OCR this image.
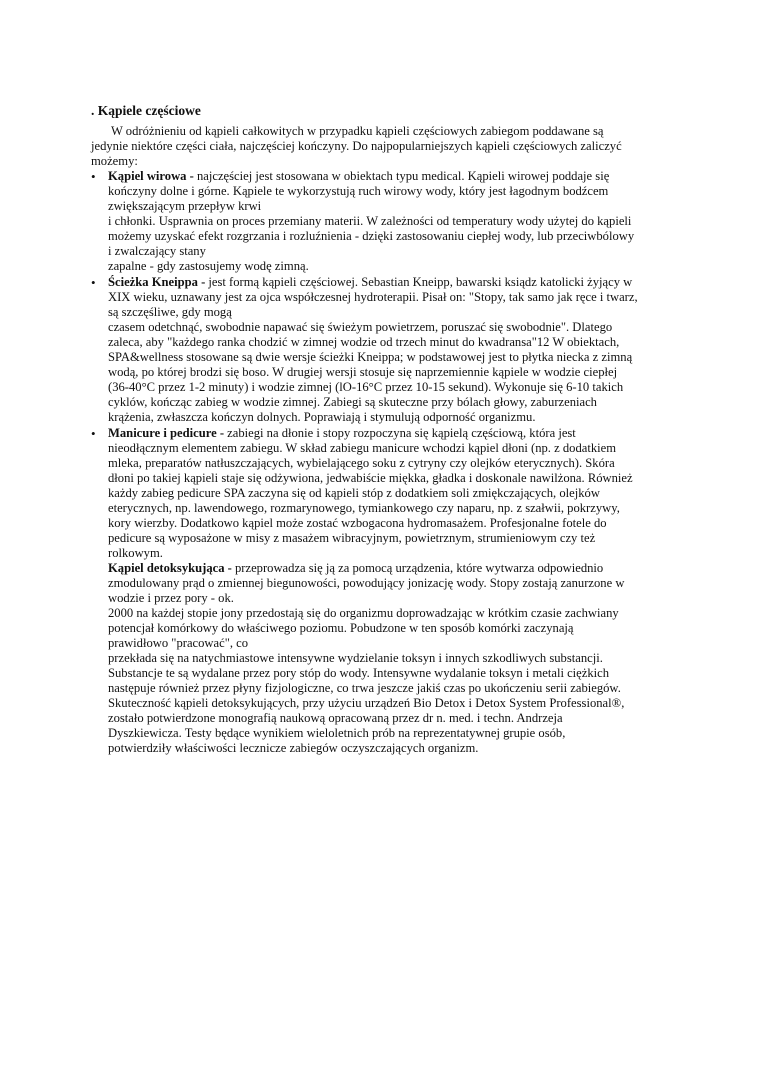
. Kąpiele częściowe
W odróżnieniu od kąpieli całkowitych w przypadku kąpieli częściowych zabiegom poddawane są
jedynie niektóre części ciała, najczęściej kończyny. Do najpopularniejszych kąpieli częściowych zaliczyć
możemy:
• Kąpiel wirowa - najczęściej jest stosowana w obiektach typu medical. Kąpieli wirowej poddaje się
kończyny dolne i górne. Kąpiele te wykorzystują ruch wirowy wody, który jest łagodnym bodźcem
zwiększającym przepływ krwi
i chłonki. Usprawnia on proces przemiany materii. W zależności od temperatury wody użytej do kąpieli
możemy uzyskać efekt rozgrzania i rozluźnienia - dzięki zastosowaniu ciepłej wody, lub przeciwbólowy
i zwalczający stany
zapalne - gdy zastosujemy wodę zimną.
• Ścieżka Kneippa - jest formą kąpieli częściowej. Sebastian Kneipp, bawarski ksiądz katolicki żyjący w
XIX wieku, uznawany jest za ojca współczesnej hydroterapii. Pisał on: "Stopy, tak samo jak ręce i twarz,
są szczęśliwe, gdy mogą
czasem odetchnąć, swobodnie napawać się świeżym powietrzem, poruszać się swobodnie". Dlatego
zaleca, aby "każdego ranka chodzić w zimnej wodzie od trzech minut do kwadransa"12 W obiektach,
SPA&wellness stosowane są dwie wersje ścieżki Kneippa; w podstawowej jest to płytka niecka z zimną
wodą, po której brodzi się boso. W drugiej wersji stosuje się naprzemiennie kąpiele w wodzie ciepłej
(36-40°C przez 1-2 minuty) i wodzie zimnej (lO-16°C przez 10-15 sekund). Wykonuje się 6-10 takich
cyklów, kończąc zabieg w wodzie zimnej. Zabiegi są skuteczne przy bólach głowy, zaburzeniach
krążenia, zwłaszcza kończyn dolnych. Poprawiają i stymulują odporność organizmu.
• Manicure i pedicure - zabiegi na dłonie i stopy rozpoczyna się kąpielą częściową, która jest
nieodłącznym elementem zabiegu. W skład zabiegu manicure wchodzi kąpiel dłoni (np. z dodatkiem
mleka, preparatów natłuszczających, wybielającego soku z cytryny czy olejków eterycznych). Skóra
dłoni po takiej kąpieli staje się odżywiona, jedwabiście miękka, gładka i doskonale nawilżona. Również
każdy zabieg pedicure SPA zaczyna się od kąpieli stóp z dodatkiem soli zmiękczających, olejków
eterycznych, np. lawendowego, rozmarynowego, tymiankowego czy naparu, np. z szałwii, pokrzywy,
kory wierzby. Dodatkowo kąpiel może zostać wzbogacona hydromasażem. Profesjonalne fotele do
pedicure są wyposażone w misy z masażem wibracyjnym, powietrznym, strumieniowym czy też
rolkowym.
Kąpiel detoksykująca - przeprowadza się ją za pomocą urządzenia, które wytwarza odpowiednio
zmodulowany prąd o zmiennej biegunowości, powodujący jonizację wody. Stopy zostają zanurzone w
wodzie i przez pory - ok.
2000 na każdej stopie jony przedostają się do organizmu doprowadzając w krótkim czasie zachwiany
potencjał komórkowy do właściwego poziomu. Pobudzone w ten sposób komórki zaczynają
prawidłowo "pracować", co
przekłada się na natychmiastowe intensywne wydzielanie toksyn i innych szkodliwych substancji.
Substancje te są wydalane przez pory stóp do wody. Intensywne wydalanie toksyn i metali ciężkich
następuje również przez płyny fizjologiczne, co trwa jeszcze jakiś czas po ukończeniu serii zabiegów.
Skuteczność kąpieli detoksykujących, przy użyciu urządzeń Bio Detox i Detox System Professional®,
zostało potwierdzone monografią naukową opracowaną przez dr n. med. i techn. Andrzeja
Dyszkiewicza. Testy będące wynikiem wieloletnich prób na reprezentatywnej grupie osób,
potwierdziły właściwości lecznicze zabiegów oczyszczających organizm.
